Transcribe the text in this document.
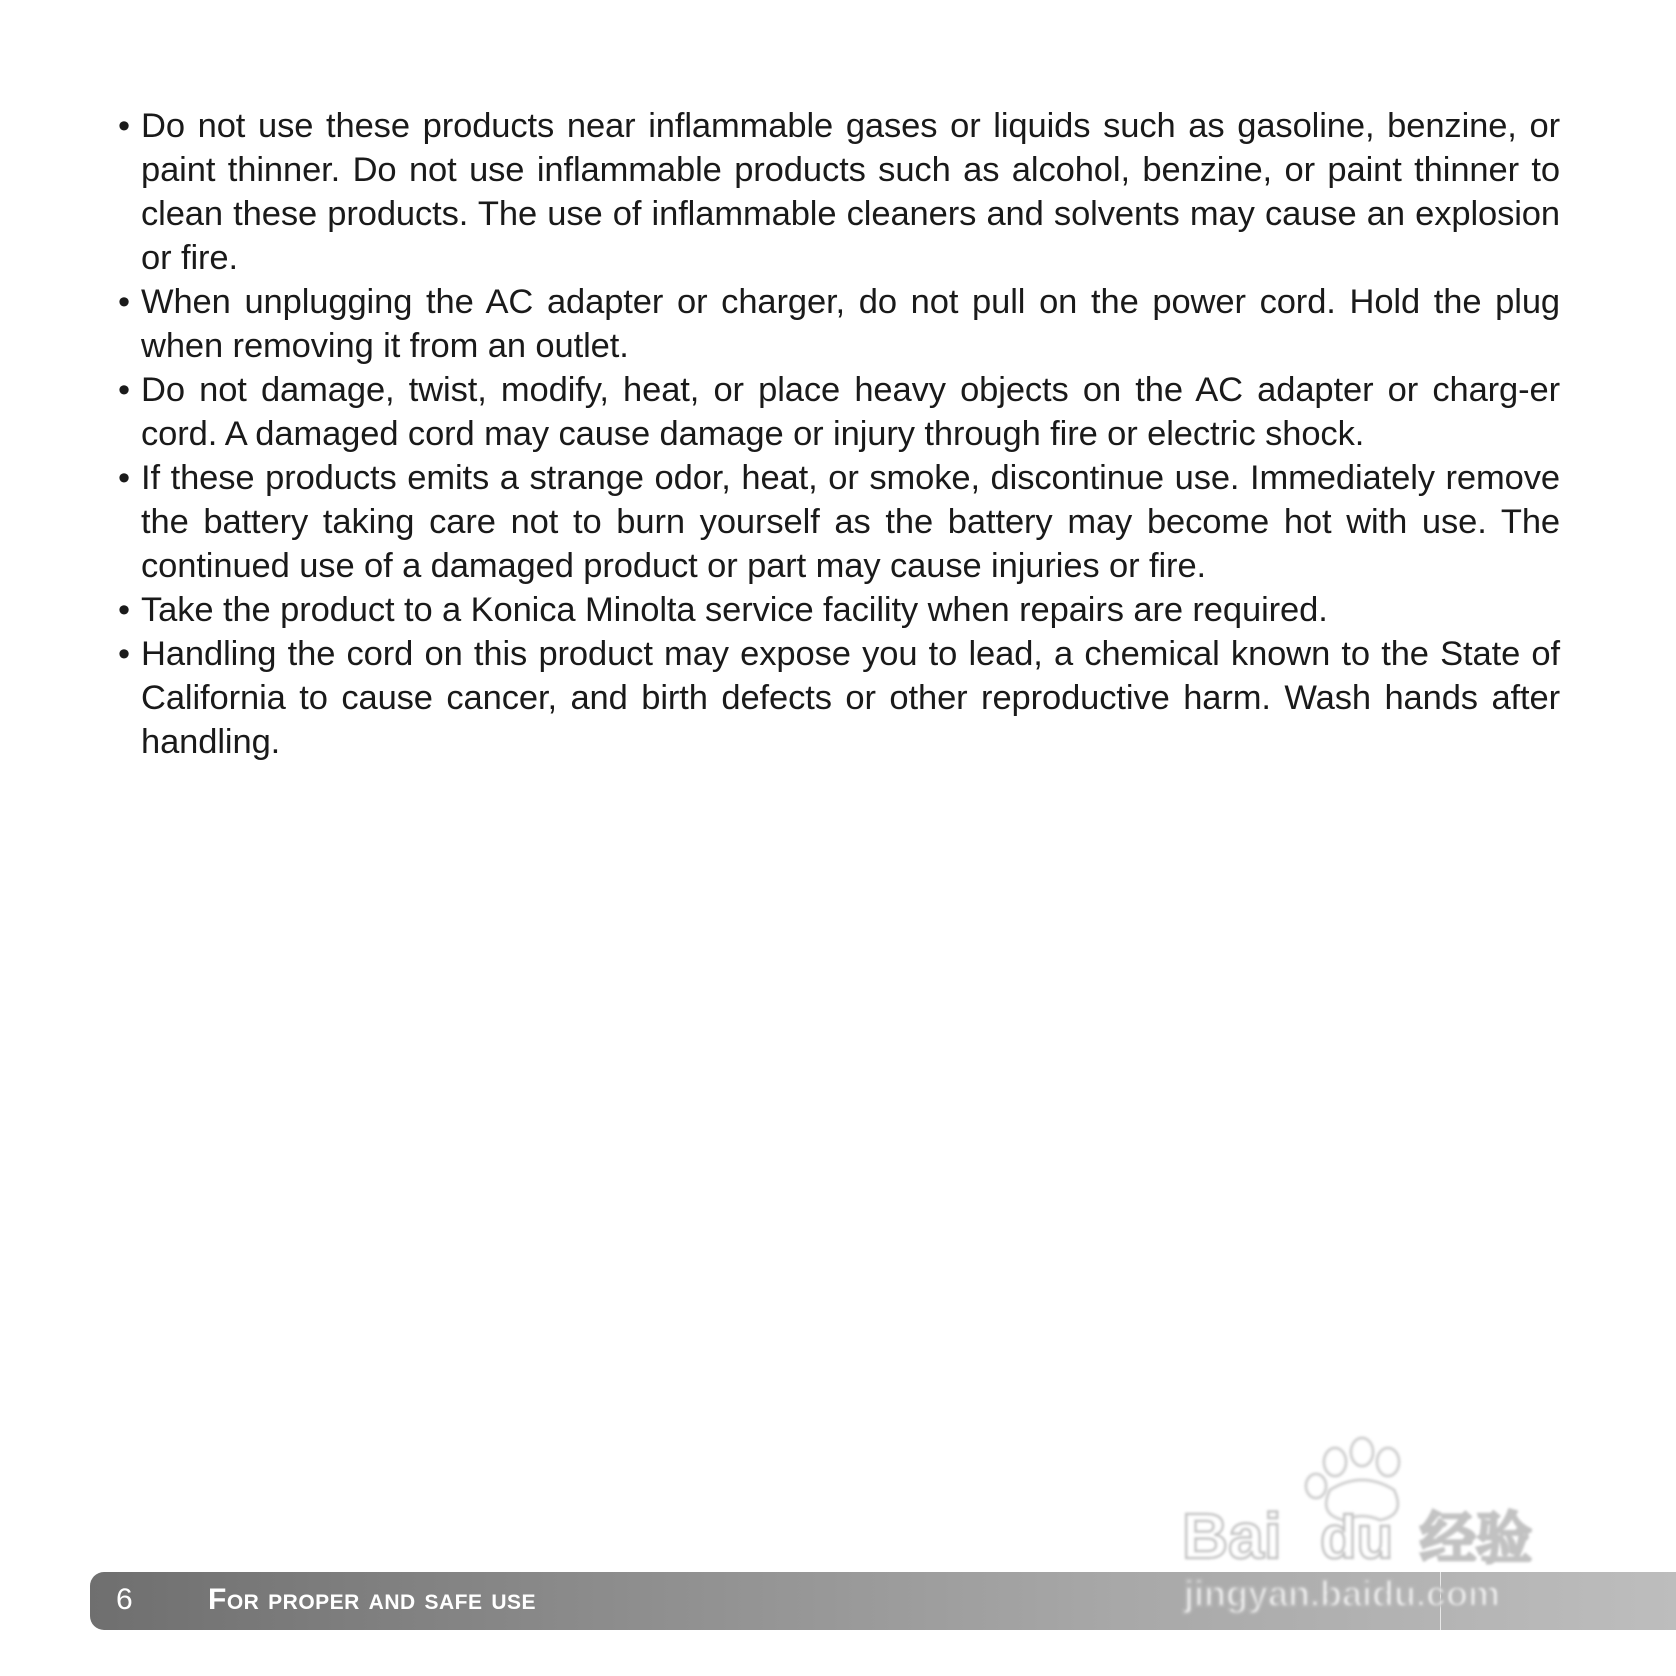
• Do not use these products near inflammable gases or liquids such as gasoline, benzine, or paint thinner. Do not use inflammable products such as alcohol, benzine, or paint thinner to clean these products. The use of inflammable cleaners and solvents may cause an explosion or fire.
• When unplugging the AC adapter or charger, do not pull on the power cord. Hold the plug when removing it from an outlet.
• Do not damage, twist, modify, heat, or place heavy objects on the AC adapter or charg-er cord. A damaged cord may cause damage or injury through fire or electric shock.
• If these products emits a strange odor, heat, or smoke, discontinue use. Immediately remove the battery taking care not to burn yourself as the battery may become hot with use. The continued use of a damaged product or part may cause injuries or fire.
• Take the product to a Konica Minolta service facility when repairs are required.
• Handling the cord on this product may expose you to lead, a chemical known to the State of California to cause cancer, and birth defects or other reproductive harm. Wash hands after handling.
6	For proper and safe use
Bai du 经验
jingyan.baidu.com
